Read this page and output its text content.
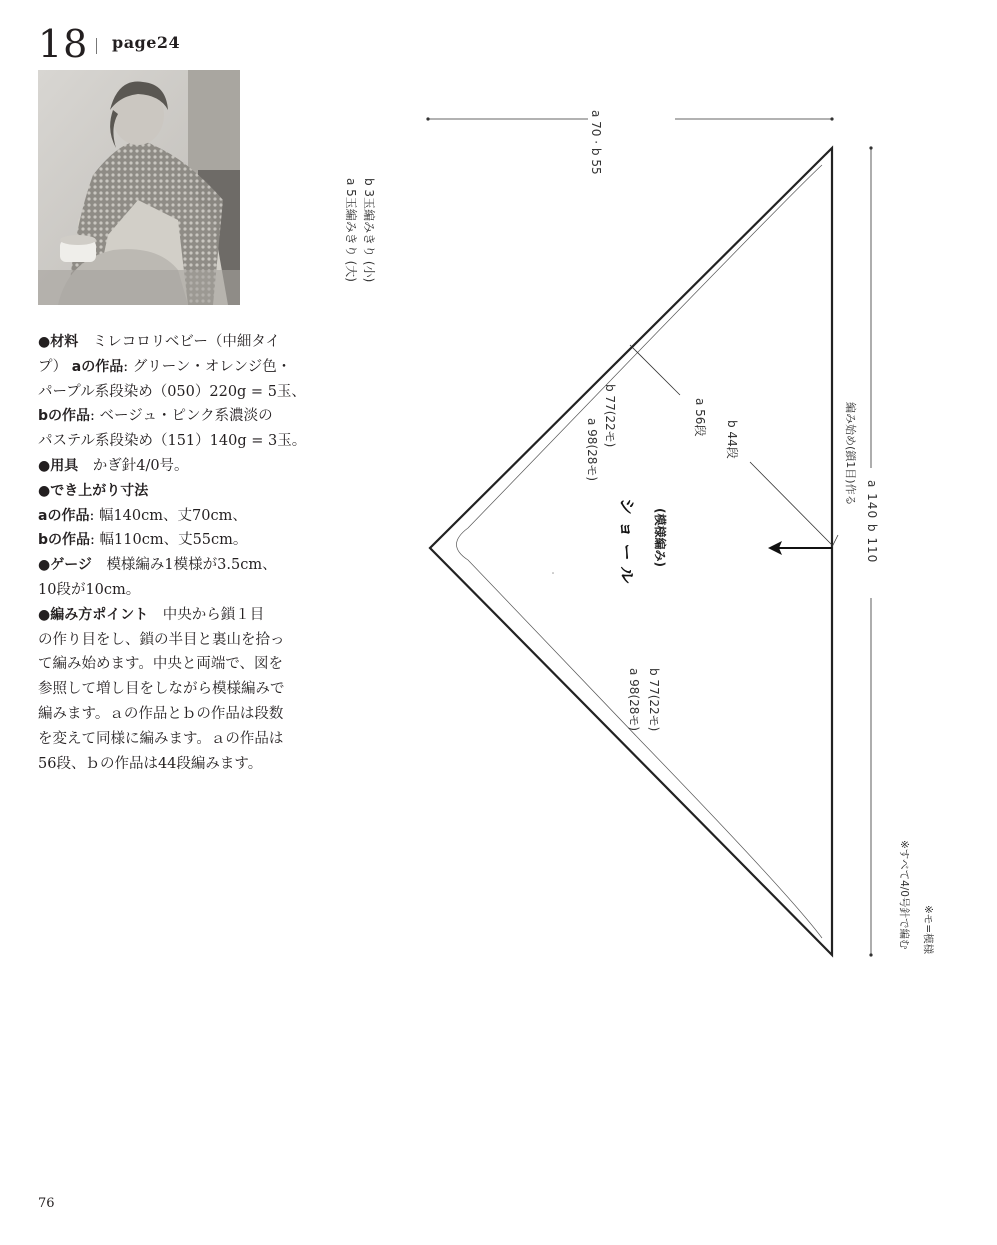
18 page24
●材料　 ミレコロリベビー（中細タイ
プ） aの作品: グリーン・オレンジ色・
パープル系段染め（050）220g = 5玉、
bの作品: ベージュ・ピンク系濃淡の
パステル系段染め（151）140g = 3玉。
●用具　 かぎ針4/0号。
●でき上がり寸法
aの作品: 幅140cm、丈70cm、
bの作品: 幅110cm、丈55cm。
●ゲージ　 模様編み1模様が3.5cm、
10段が10cm。
●編み方ポイント　 中央から鎖１目
の作り目をし、鎖の半目と裏山を拾っ
て編み始めます。中央と両端で、図を
参照して増し目をしながら模様編みで
編みます。ａの作品とｂの作品は段数
を変えて同様に編みます。ａの作品は
56段、ｂの作品は44段編みます。
76
a 70 · b 55
a 5玉編みきり (大) b 3玉編みきり (小)
a 98(28モ)
b 77(22モ)	a 56段
b 44段
ショール (模様編み)
a 98(28モ) b 77(22モ)
編み始め(鎖1目)作る
a 140 b 110
※すべて4/0号針で編む ※モ=模様
